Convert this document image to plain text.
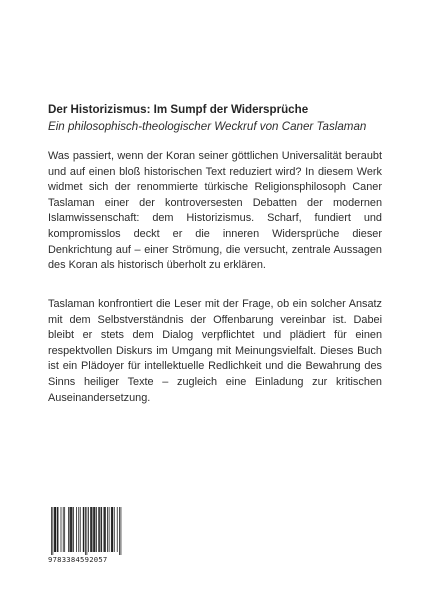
Der Historizismus: Im Sumpf der Widersprüche

Ein philosophisch-theologischer Weckruf von Caner Taslaman

Was passiert, wenn der Koran seiner göttlichen Universalität beraubt und auf einen bloß historischen Text reduziert wird? In diesem Werk widmet sich der renommierte türkische Religionsphilosoph Caner Taslaman einer der kontroversesten Debatten der modernen Islamwissenschaft: dem Historizismus. Scharf, fundiert und kompromisslos deckt er die inneren Widersprüche dieser Denkrichtung auf – einer Strömung, die versucht, zentrale Aussagen des Koran als historisch überholt zu erklären.

Taslaman konfrontiert die Leser mit der Frage, ob ein solcher Ansatz mit dem Selbstverständnis der Offenbarung vereinbar ist. Dabei bleibt er stets dem Dialog verpflichtet und plädiert für einen respektvollen Diskurs im Umgang mit Meinungsvielfalt. Dieses Buch ist ein Plädoyer für intellektuelle Redlichkeit und die Bewahrung des Sinns heiliger Texte – zugleich eine Einladung zur kritischen Auseinandersetzung.

9783384592057
